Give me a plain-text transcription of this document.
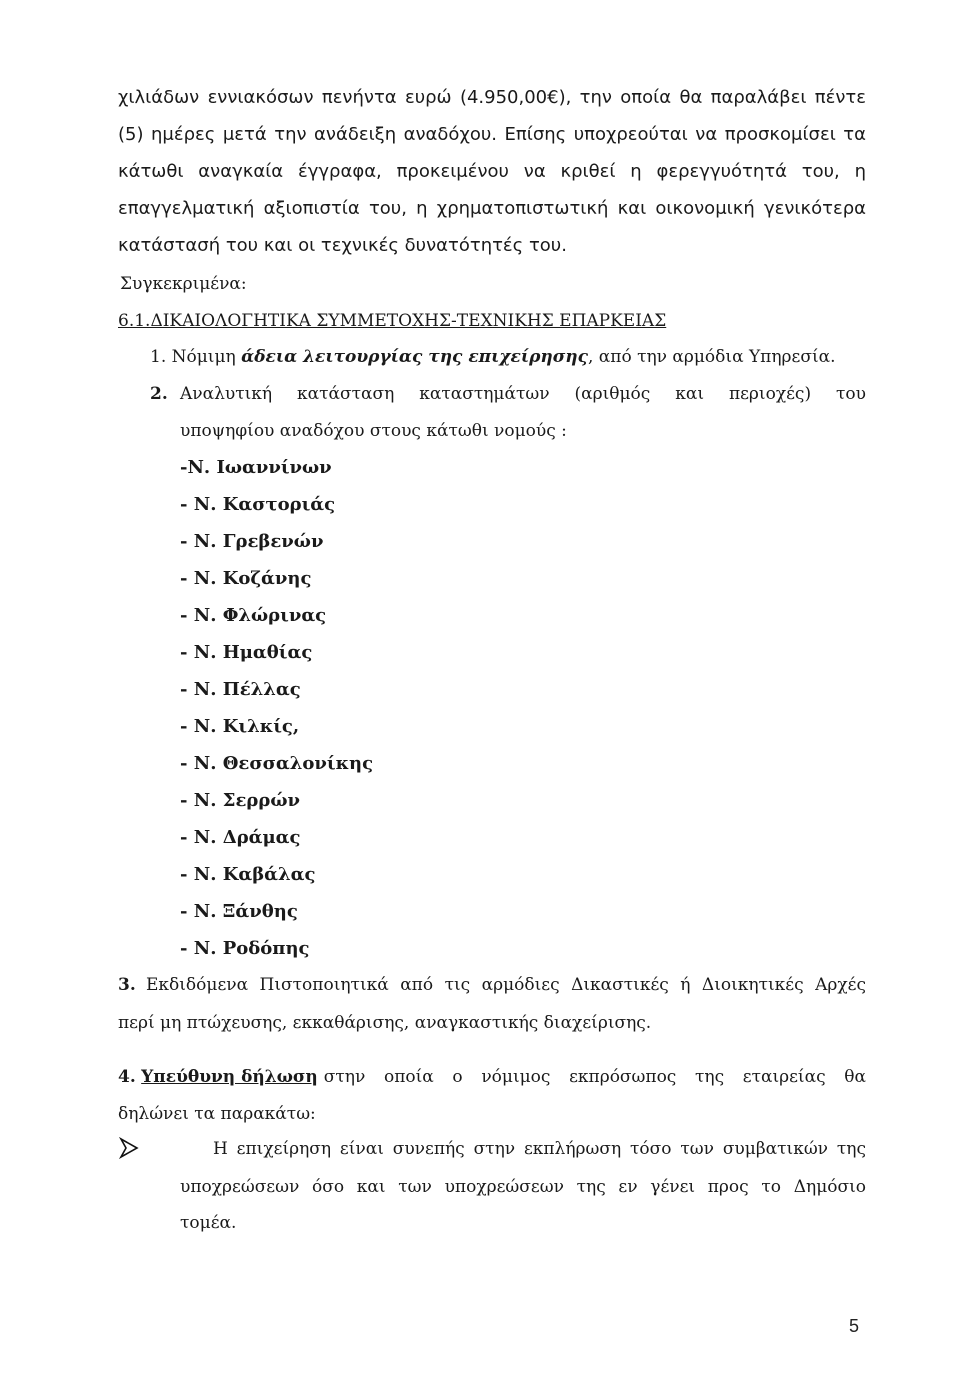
χιλιάδων εννιακόσων πενήντα ευρώ (4.950,00€), την οποία θα παραλάβει πέντε
(5) ημέρες μετά την ανάδειξη αναδόχου. Επίσης υποχρεούται να προσκομίσει τα
κάτωθι αναγκαία έγγραφα, προκειμένου να κριθεί η φερεγγυότητά του, η
επαγγελματική αξιοπιστία του, η χρηματοπιστωτική και οικονομική γενικότερα
κατάστασή του και οι τεχνικές δυνατότητές του.
Συγκεκριμένα:
6.1.ΔΙΚΑΙΟΛΟΓΗΤΙΚΑ ΣΥΜΜΕΤΟΧΗΣ-ΤΕΧΝΙΚΗΣ ΕΠΑΡΚΕΙΑΣ
1. Νόμιμη άδεια λειτουργίας της επιχείρησης, από την αρμόδια Υπηρεσία.
2. Αναλυτική κατάσταση καταστημάτων (αριθμός και περιοχές) του
υποψηφίου αναδόχου στους κάτωθι νομούς :
-Ν. Ιωαννίνων
- Ν. Καστοριάς
- Ν. Γρεβενών
- Ν. Κοζάνης
- Ν. Φλώρινας
- Ν. Ημαθίας
- Ν. Πέλλας
- Ν. Κιλκίς,
- Ν. Θεσσαλονίκης
- Ν. Σερρών
- Ν. Δράμας
- Ν. Καβάλας
- Ν. Ξάνθης
- Ν. Ροδόπης
3. Εκδιδόμενα Πιστοποιητικά από τις αρμόδιες Δικαστικές ή Διοικητικές Αρχές
περί μη πτώχευσης, εκκαθάρισης, αναγκαστικής διαχείρισης.
4. Υπεύθυνη δήλωση στην οποία ο νόμιμος εκπρόσωπος της εταιρείας θα
δηλώνει τα παρακάτω:
Η επιχείρηση είναι συνεπής στην εκπλήρωση τόσο των συμβατικών της
υποχρεώσεων όσο και των υποχρεώσεων της εν γένει προς το Δημόσιο
τομέα.
5
